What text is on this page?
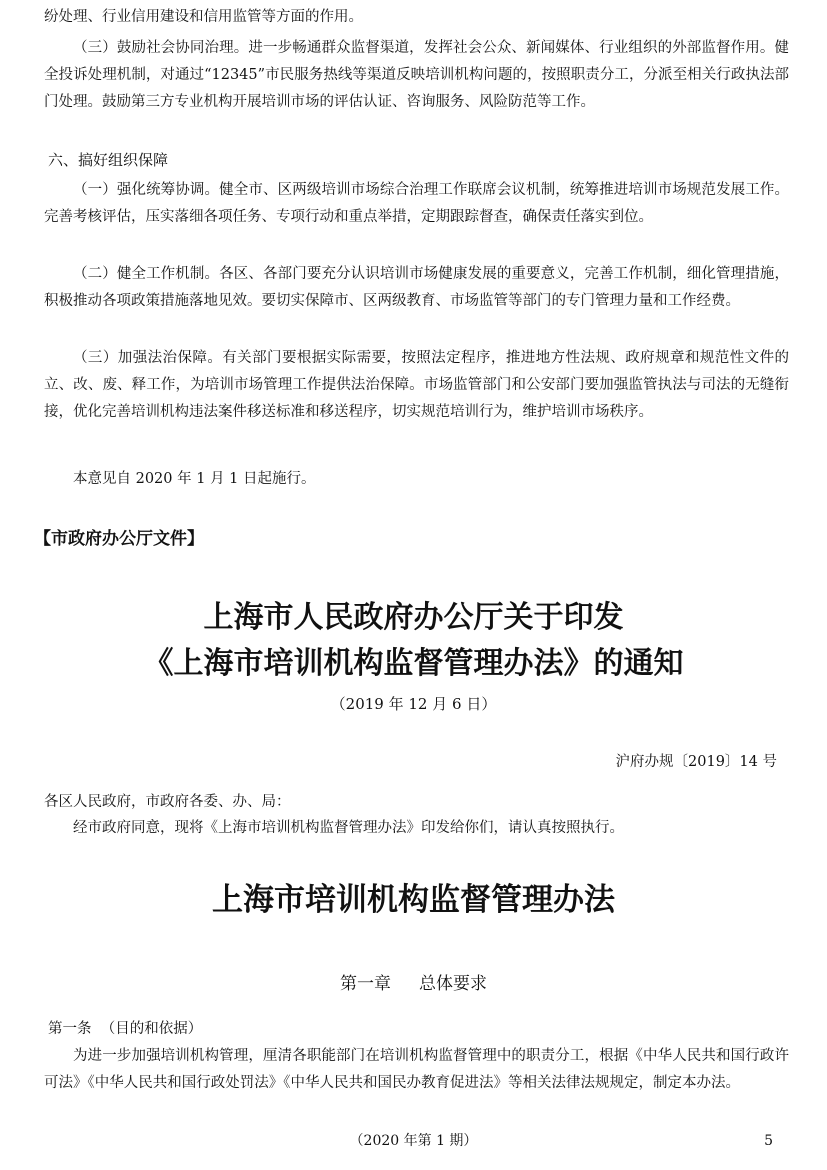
纷处理、行业信用建设和信用监管等方面的作用。

（三）鼓励社会协同治理。进一步畅通群众监督渠道，发挥社会公众、新闻媒体、行业组织的外部监督作用。健全投诉处理机制，对通过“12345”市民服务热线等渠道反映培训机构问题的，按照职责分工，分派至相关行政执法部门处理。鼓励第三方专业机构开展培训市场的评估认证、咨询服务、风险防范等工作。

六、搞好组织保障

（一）强化统筹协调。健全市、区两级培训市场综合治理工作联席会议机制，统筹推进培训市场规范发展工作。完善考核评估，压实落细各项任务、专项行动和重点举措，定期跟踪督查，确保责任落实到位。

（二）健全工作机制。各区、各部门要充分认识培训市场健康发展的重要意义，完善工作机制，细化管理措施，积极推动各项政策措施落地见效。要切实保障市、区两级教育、市场监管等部门的专门管理力量和工作经费。

（三）加强法治保障。有关部门要根据实际需要，按照法定程序，推进地方性法规、政府规章和规范性文件的立、改、废、释工作，为培训市场管理工作提供法治保障。市场监管部门和公安部门要加强监管执法与司法的无缝衔接，优化完善培训机构违法案件移送标准和移送程序，切实规范培训行为，维护培训市场秩序。

本意见自 2020 年 1 月 1 日起施行。

【市政府办公厅文件】
上海市人民政府办公厅关于印发
《上海市培训机构监督管理办法》的通知
（2019 年 12 月 6 日）
沪府办规〔2019〕14 号

各区人民政府，市政府各委、办、局：

经市政府同意，现将《上海市培训机构监督管理办法》印发给你们，请认真按照执行。

上海市培训机构监督管理办法
第一章 总体要求
第一条 （目的和依据）

为进一步加强培训机构管理，厘清各职能部门在培训机构监督管理中的职责分工，根据《中华人民共和国行政许可法》《中华人民共和国行政处罚法》《中华人民共和国民办教育促进法》等相关法律法规规定，制定本办法。

（2020 年第 1 期）	5
